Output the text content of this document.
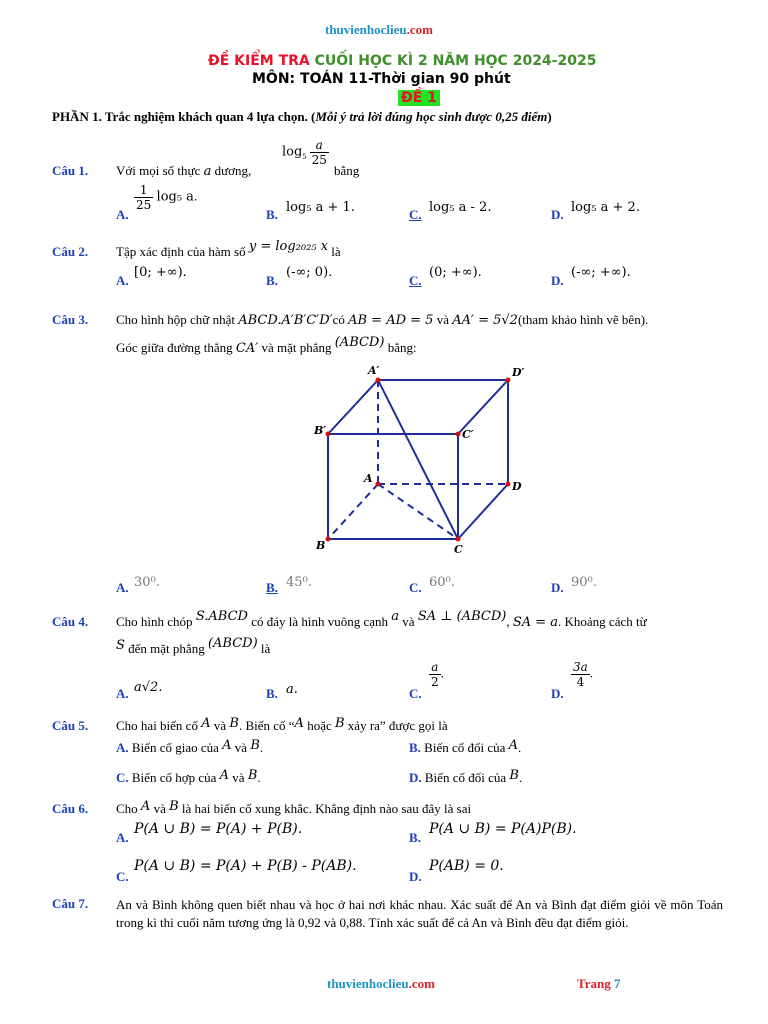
thuvienhoclieu.com
ĐỀ KIỂM TRA CUỐI HỌC KÌ 2 NĂM HỌC 2024-2025
MÔN: TOÁN 11-Thời gian 90 phút
ĐỀ 1
PHẦN 1. Trắc nghiệm khách quan 4 lựa chọn. (Mỗi ý trả lời đúng học sinh được 0,25 điểm)
Câu 1. Với mọi số thực a dương,
$\log_5 \frac{a}{25}$
bằng
A.
$\frac{1}{25} \log_5$ a.
B. log₅ a + 1.	C. log₅ a - 2.	D. log₅ a + 2.
Câu 2. Tập xác định của hàm số y = log₂₀₂₅ x là
A.
[0; +∞).
B.
(-∞; 0).
C.
(0; +∞).
D.
(-∞; +∞).
Câu 3. Cho hình hộp chữ nhật ABCD.A′B′C′D′có AB = AD = 5 và AA′ = 5√2(tham khảo hình vẽ bên).
Góc giữa đường thẳng CA′ và mặt phẳng (ABCD) bằng:
A′	D′
B′	C′
A
D
B	C
A. 30⁰.	B. 45⁰.	C. 60⁰.	D. 90⁰.
Câu 4. Cho hình chóp S.ABCD có đáy là hình vuông cạnh a và SA ⊥ (ABCD), SA = a. Khoảng cách từ
S đến mặt phẳng (ABCD) là
A. a√2.	B. a.	C.
$\frac{a}{2}$ .
D.
$\frac{3a}{4}$ .
Câu 5. Cho hai biến cố A và B. Biến cố “A hoặc B xảy ra” được gọi là
A. Biến cố giao của A và B.	B. Biến cố đối của A.
C. Biến cố hợp của A và B.	D. Biến cố đối của B.
Câu 6. Cho A và B là hai biến cố xung khắc. Khẳng định nào sau đây là sai
A.
P(A ∪ B) = P(A) + P(B).
B.
P(A ∪ B) = P(A)P(B).
C.
P(A ∪ B) = P(A) + P(B) - P(AB).
D.
P(AB) = 0.
Câu 7. An và Bình không quen biết nhau và học ở hai nơi khác nhau. Xác suất để An và Bình đạt điểm giỏi về môn Toán trong kì thi cuối năm tương ứng là 0,92 và 0,88. Tính xác suất để cả An và Bình đều đạt điểm giỏi.
thuvienhoclieu.com	Trang 7
